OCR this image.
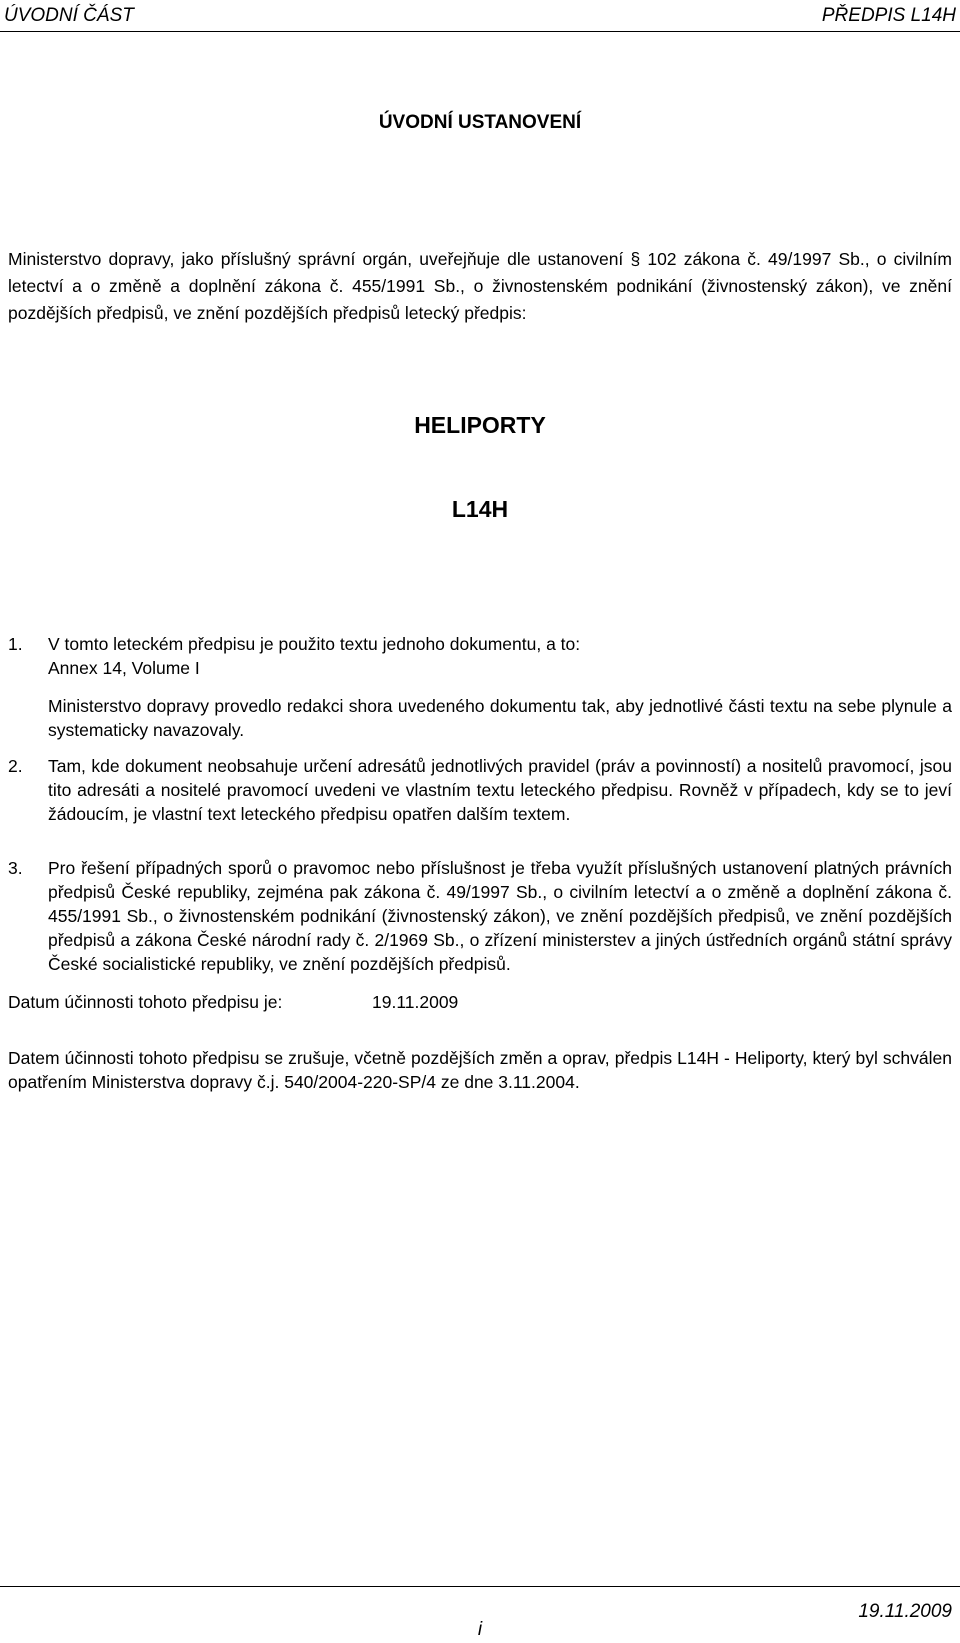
ÚVODNÍ ČÁST	PŘEDPIS L14H
ÚVODNÍ USTANOVENÍ

Ministerstvo dopravy, jako příslušný správní orgán, uveřejňuje dle ustanovení § 102 zákona č. 49/1997 Sb., o civilním letectví a o změně a doplnění zákona č. 455/1991 Sb., o živnostenském podnikání (živnostenský zákon), ve znění pozdějších předpisů, ve znění pozdějších předpisů letecký předpis:

HELIPORTY
L14H
1. V tomto leteckém předpisu je použito textu jednoho dokumentu, a to:
Annex 14, Volume I

Ministerstvo dopravy provedlo redakci shora uvedeného dokumentu tak, aby jednotlivé části textu na sebe plynule a systematicky navazovaly.

2. Tam, kde dokument neobsahuje určení adresátů jednotlivých pravidel (práv a povinností) a nositelů pravomocí, jsou tito adresáti a nositelé pravomocí uvedeni ve vlastním textu leteckého předpisu. Rovněž v případech, kdy se to jeví žádoucím, je vlastní text leteckého předpisu opatřen dalším textem.
3. Pro řešení případných sporů o pravomoc nebo příslušnost je třeba využít příslušných ustanovení platných právních předpisů České republiky, zejména pak zákona č. 49/1997 Sb., o civilním letectví a o změně a doplnění zákona č. 455/1991 Sb., o živnostenském podnikání (živnostenský zákon), ve znění pozdějších předpisů, ve znění pozdějších předpisů a zákona České národní rady č. 2/1969 Sb., o zřízení ministerstev a jiných ústředních orgánů státní správy České socialistické republiky, ve znění pozdějších předpisů.
Datum účinnosti tohoto předpisu je:	19.11.2009

Datem účinnosti tohoto předpisu se zrušuje, včetně pozdějších změn a oprav, předpis L14H - Heliporty, který byl schválen opatřením Ministerstva dopravy č.j. 540/2004-220-SP/4 ze dne 3.11.2004.

19.11.2009
i
